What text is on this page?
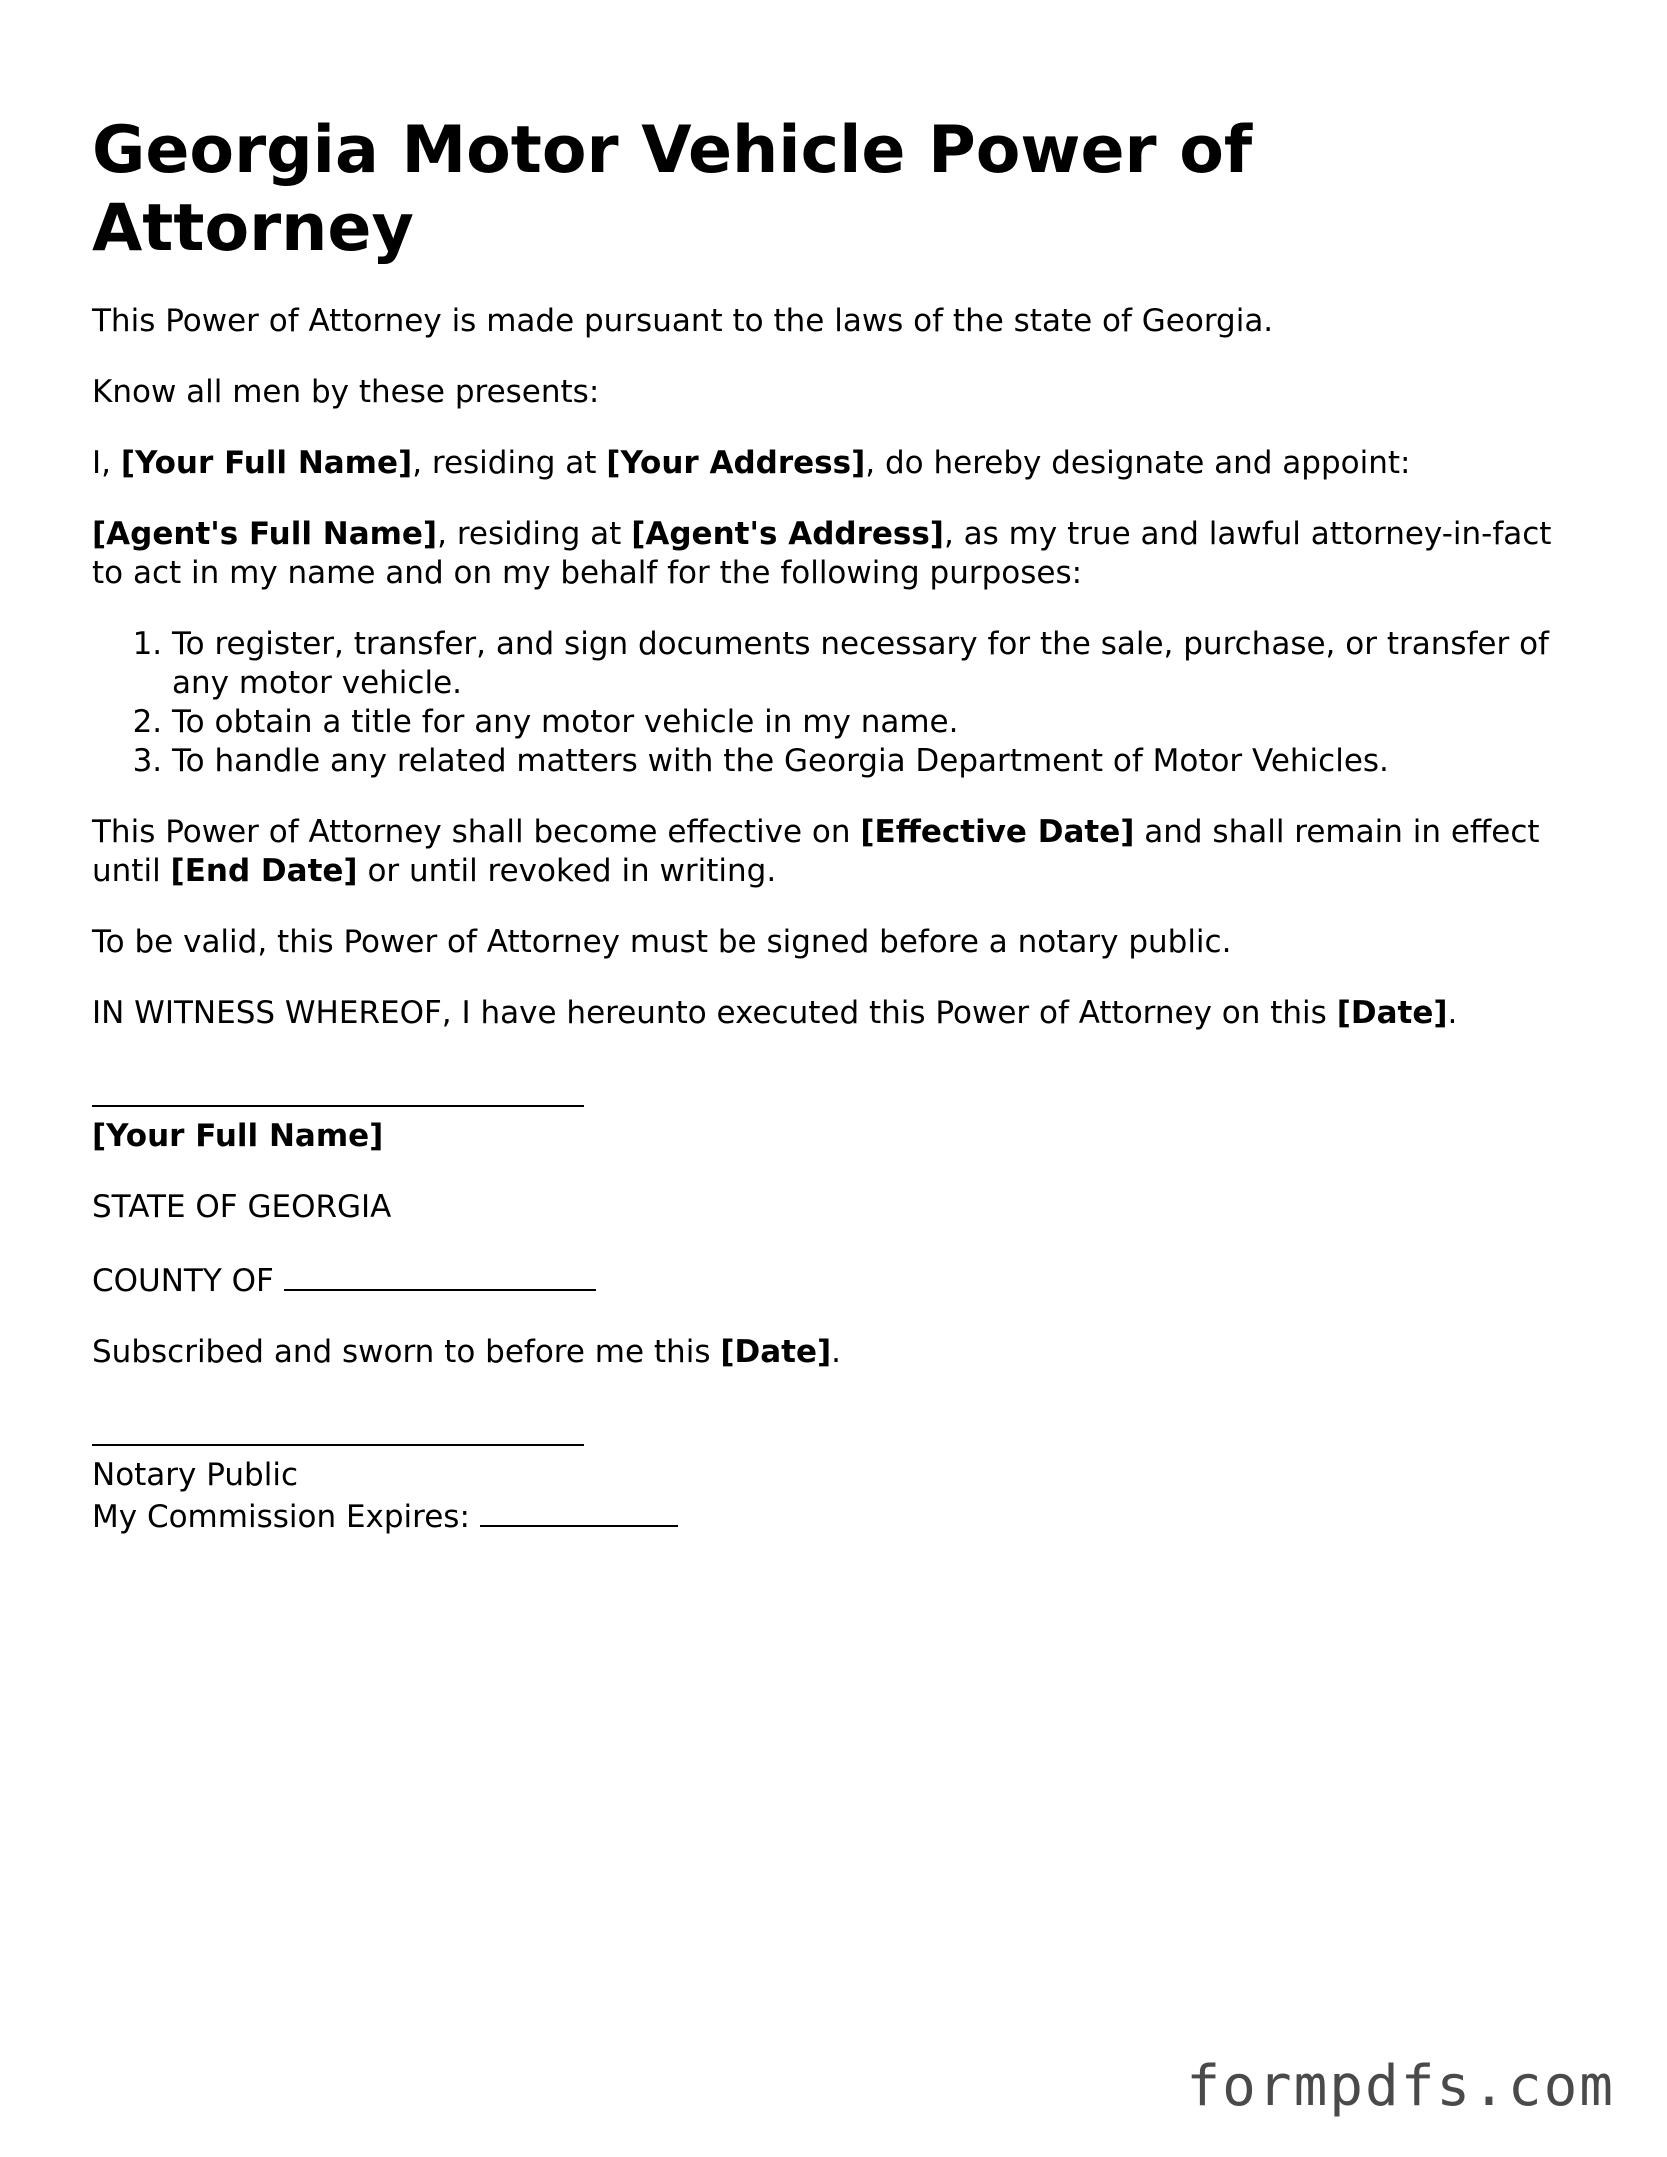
Georgia Motor Vehicle Power of Attorney

This Power of Attorney is made pursuant to the laws of the state of Georgia.

Know all men by these presents:

I, [Your Full Name], residing at [Your Address], do hereby designate and appoint:

[Agent's Full Name], residing at [Agent's Address], as my true and lawful attorney-in-fact to act in my name and on my behalf for the following purposes:

1. To register, transfer, and sign documents necessary for the sale, purchase, or transfer of any motor vehicle.
2. To obtain a title for any motor vehicle in my name.
3. To handle any related matters with the Georgia Department of Motor Vehicles.

This Power of Attorney shall become effective on [Effective Date] and shall remain in effect until [End Date] or until revoked in writing.

To be valid, this Power of Attorney must be signed before a notary public.

IN WITNESS WHEREOF, I have hereunto executed this Power of Attorney on this [Date].

[Your Full Name]

STATE OF GEORGIA

COUNTY OF

Subscribed and sworn to before me this [Date].

Notary Public
My Commission Expires:
formpdfs.com
